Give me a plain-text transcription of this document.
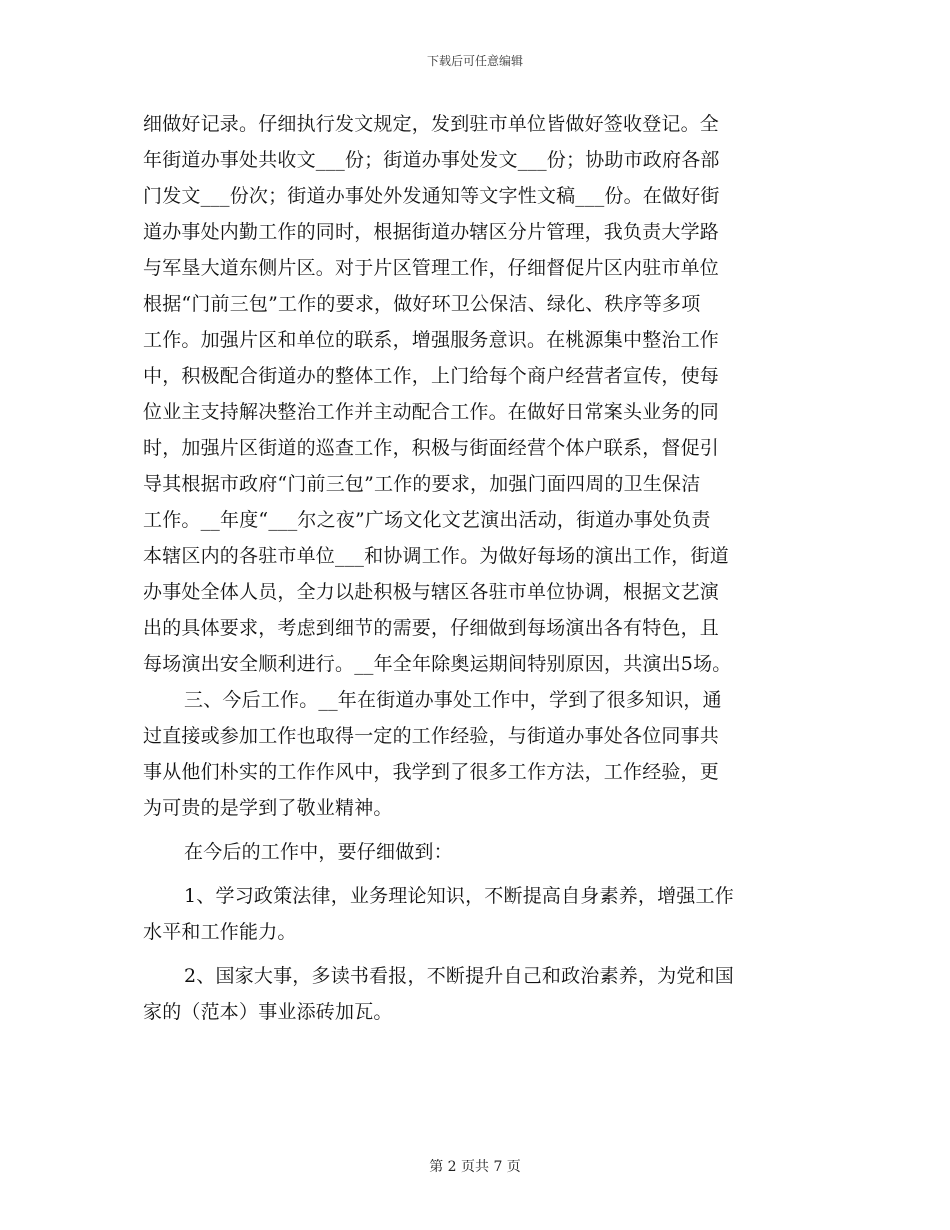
下载后可任意编辑
细做好记录。仔细执行发文规定，发到驻市单位皆做好签收登记。全
年街道办事处共收文___份；街道办事处发文___份；协助市政府各部
门发文___份次；街道办事处外发通知等文字性文稿___份。在做好街
道办事处内勤工作的同时，根据街道办辖区分片管理，我负责大学路
与军垦大道东侧片区。对于片区管理工作，仔细督促片区内驻市单位
根据“门前三包”工作的要求，做好环卫公保洁、绿化、秩序等多项
工作。加强片区和单位的联系，增强服务意识。在桃源集中整治工作
中，积极配合街道办的整体工作，上门给每个商户经营者宣传，使每
位业主支持解决整治工作并主动配合工作。在做好日常案头业务的同
时，加强片区街道的巡查工作，积极与街面经营个体户联系，督促引
导其根据市政府“门前三包”工作的要求，加强门面四周的卫生保洁
工作。__年度“___尔之夜”广场文化文艺演出活动，街道办事处负责
本辖区内的各驻市单位___和协调工作。为做好每场的演出工作，街道
办事处全体人员，全力以赴积极与辖区各驻市单位协调，根据文艺演
出的具体要求，考虑到细节的需要，仔细做到每场演出各有特色，且
每场演出安全顺利进行。__年全年除奥运期间特别原因，共演出5场。
三、今后工作。__年在街道办事处工作中，学到了很多知识，通
过直接或参加工作也取得一定的工作经验，与街道办事处各位同事共
事从他们朴实的工作作风中，我学到了很多工作方法，工作经验，更
为可贵的是学到了敬业精神。
在今后的工作中，要仔细做到：
1、学习政策法律，业务理论知识，不断提高自身素养，增强工作
水平和工作能力。
2、国家大事，多读书看报，不断提升自己和政治素养，为党和国
家的（范本）事业添砖加瓦。
第 2 页共 7 页
